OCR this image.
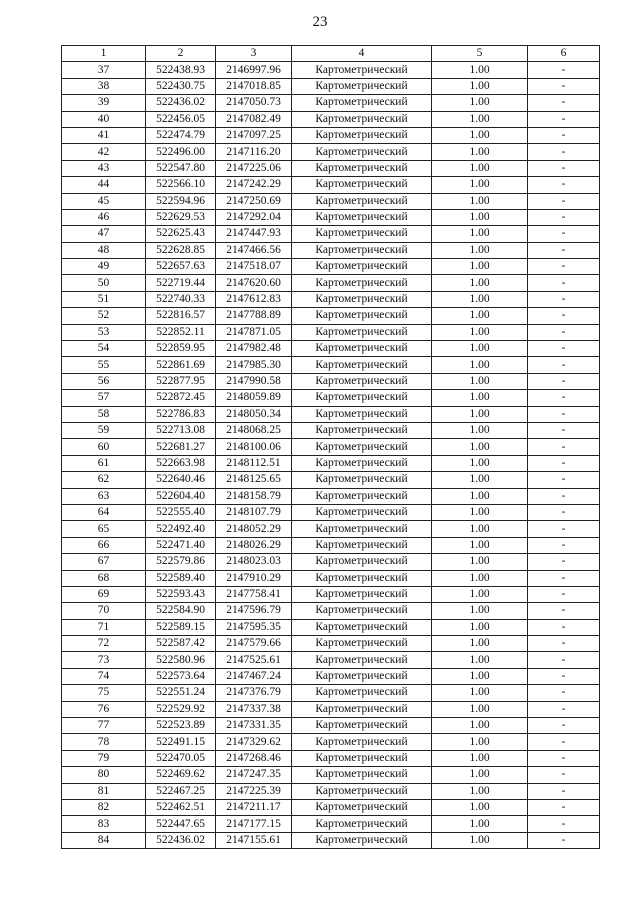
23
1	2	3	4	5	6
37	522438.93	2146997.96	Картометрический	1.00	-
38	522430.75	2147018.85	Картометрический	1.00	-
39	522436.02	2147050.73	Картометрический	1.00	-
40	522456.05	2147082.49	Картометрический	1.00	-
41	522474.79	2147097.25	Картометрический	1.00	-
42	522496.00	2147116.20	Картометрический	1.00	-
43	522547.80	2147225.06	Картометрический	1.00	-
44	522566.10	2147242.29	Картометрический	1.00	-
45	522594.96	2147250.69	Картометрический	1.00	-
46	522629.53	2147292.04	Картометрический	1.00	-
47	522625.43	2147447.93	Картометрический	1.00	-
48	522628.85	2147466.56	Картометрический	1.00	-
49	522657.63	2147518.07	Картометрический	1.00	-
50	522719.44	2147620.60	Картометрический	1.00	-
51	522740.33	2147612.83	Картометрический	1.00	-
52	522816.57	2147788.89	Картометрический	1.00	-
53	522852.11	2147871.05	Картометрический	1.00	-
54	522859.95	2147982.48	Картометрический	1.00	-
55	522861.69	2147985.30	Картометрический	1.00	-
56	522877.95	2147990.58	Картометрический	1.00	-
57	522872.45	2148059.89	Картометрический	1.00	-
58	522786.83	2148050.34	Картометрический	1.00	-
59	522713.08	2148068.25	Картометрический	1.00	-
60	522681.27	2148100.06	Картометрический	1.00	-
61	522663.98	2148112.51	Картометрический	1.00	-
62	522640.46	2148125.65	Картометрический	1.00	-
63	522604.40	2148158.79	Картометрический	1.00	-
64	522555.40	2148107.79	Картометрический	1.00	-
65	522492.40	2148052.29	Картометрический	1.00	-
66	522471.40	2148026.29	Картометрический	1.00	-
67	522579.86	2148023.03	Картометрический	1.00	-
68	522589.40	2147910.29	Картометрический	1.00	-
69	522593.43	2147758.41	Картометрический	1.00	-
70	522584.90	2147596.79	Картометрический	1.00	-
71	522589.15	2147595.35	Картометрический	1.00	-
72	522587.42	2147579.66	Картометрический	1.00	-
73	522580.96	2147525.61	Картометрический	1.00	-
74	522573.64	2147467.24	Картометрический	1.00	-
75	522551.24	2147376.79	Картометрический	1.00	-
76	522529.92	2147337.38	Картометрический	1.00	-
77	522523.89	2147331.35	Картометрический	1.00	-
78	522491.15	2147329.62	Картометрический	1.00	-
79	522470.05	2147268.46	Картометрический	1.00	-
80	522469.62	2147247.35	Картометрический	1.00	-
81	522467.25	2147225.39	Картометрический	1.00	-
82	522462.51	2147211.17	Картометрический	1.00	-
83	522447.65	2147177.15	Картометрический	1.00	-
84	522436.02	2147155.61	Картометрический	1.00	-
